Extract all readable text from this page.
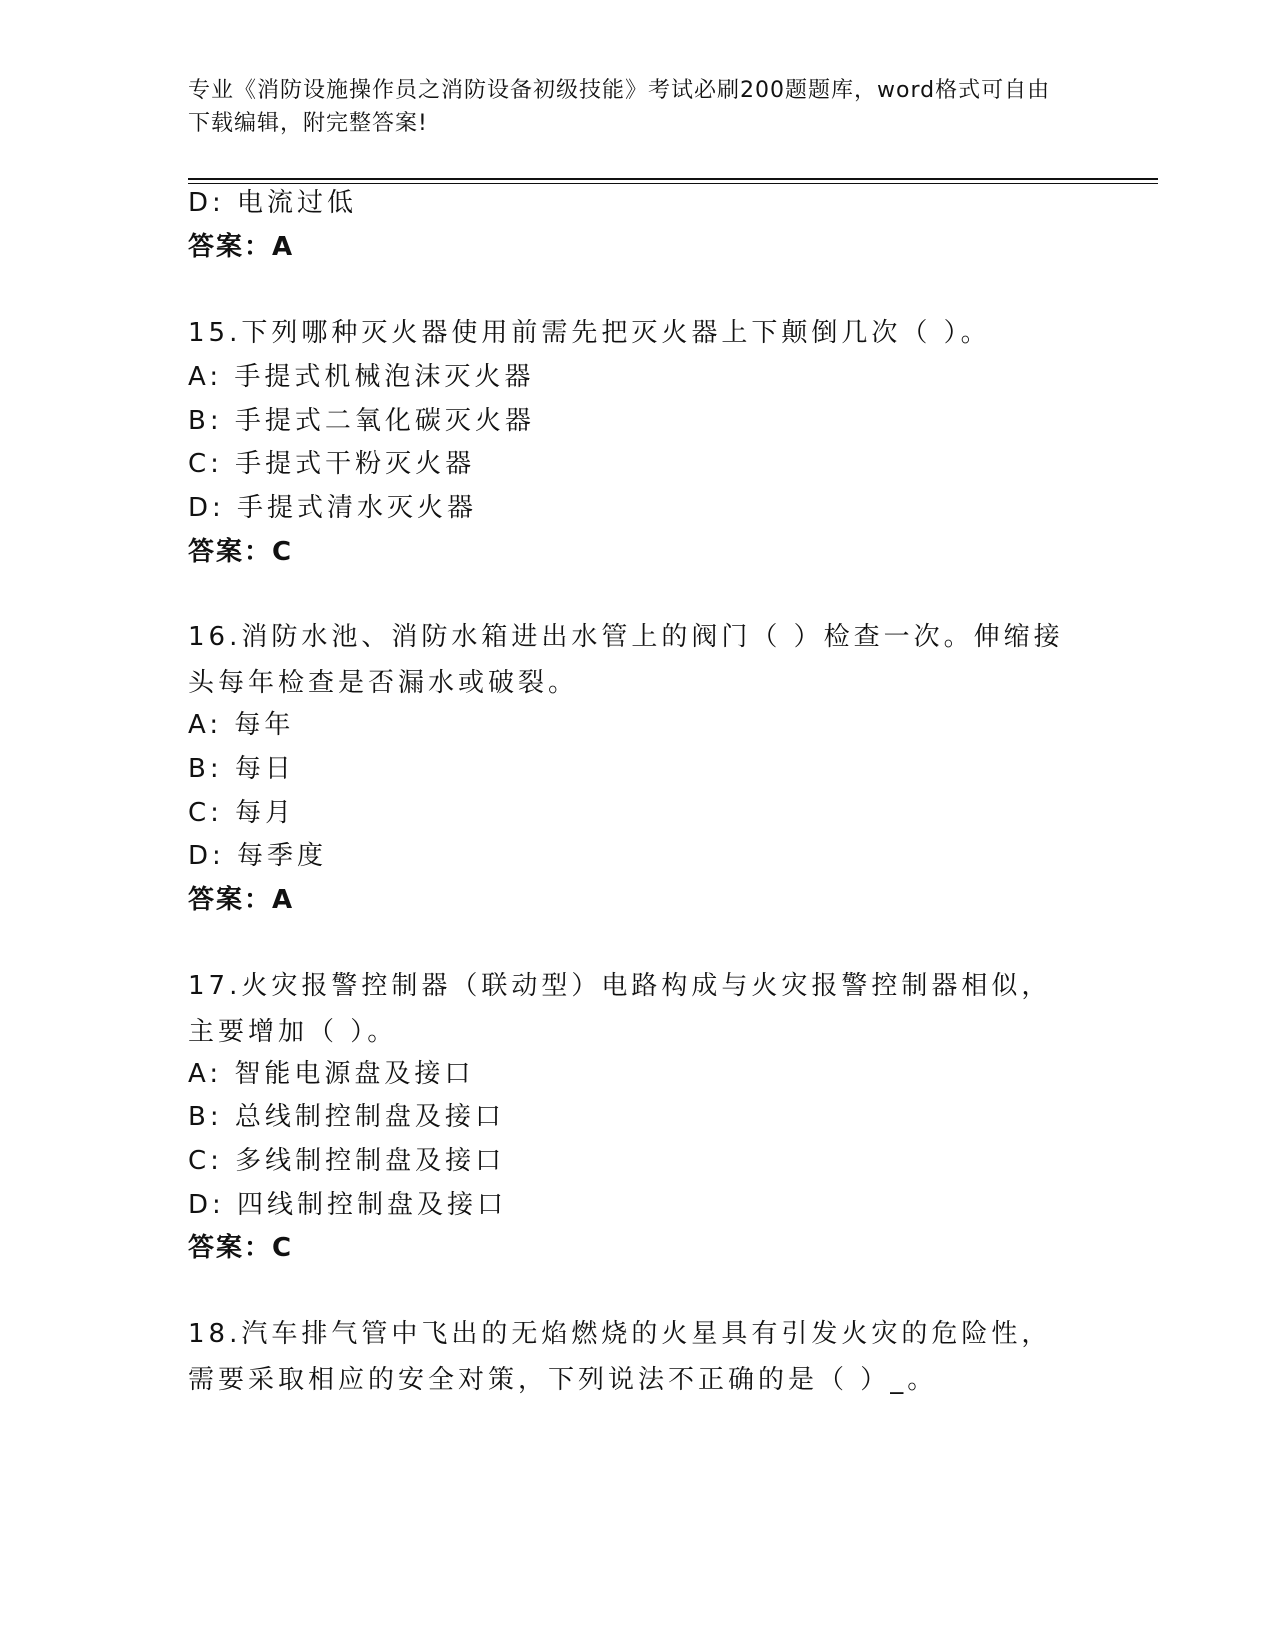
专业《消防设施操作员之消防设备初级技能》考试必刷200题题库，word格式可自由下载编辑，附完整答案!
D: 电流过低
答案：A
15.下列哪种灭火器使用前需先把灭火器上下颠倒几次（ ）。
A: 手提式机械泡沫灭火器
B: 手提式二氧化碳灭火器
C: 手提式干粉灭火器
D: 手提式清水灭火器
答案：C
16.消防水池、消防水箱进出水管上的阀门（ ）检查一次。伸缩接头每年检查是否漏水或破裂。
A: 每年
B: 每日
C: 每月
D: 每季度
答案：A
17.火灾报警控制器（联动型）电路构成与火灾报警控制器相似，主要增加（ ）。
A: 智能电源盘及接口
B: 总线制控制盘及接口
C: 多线制控制盘及接口
D: 四线制控制盘及接口
答案：C
18.汽车排气管中飞出的无焰燃烧的火星具有引发火灾的危险性，需要采取相应的安全对策，下列说法不正确的是（ ）_。
